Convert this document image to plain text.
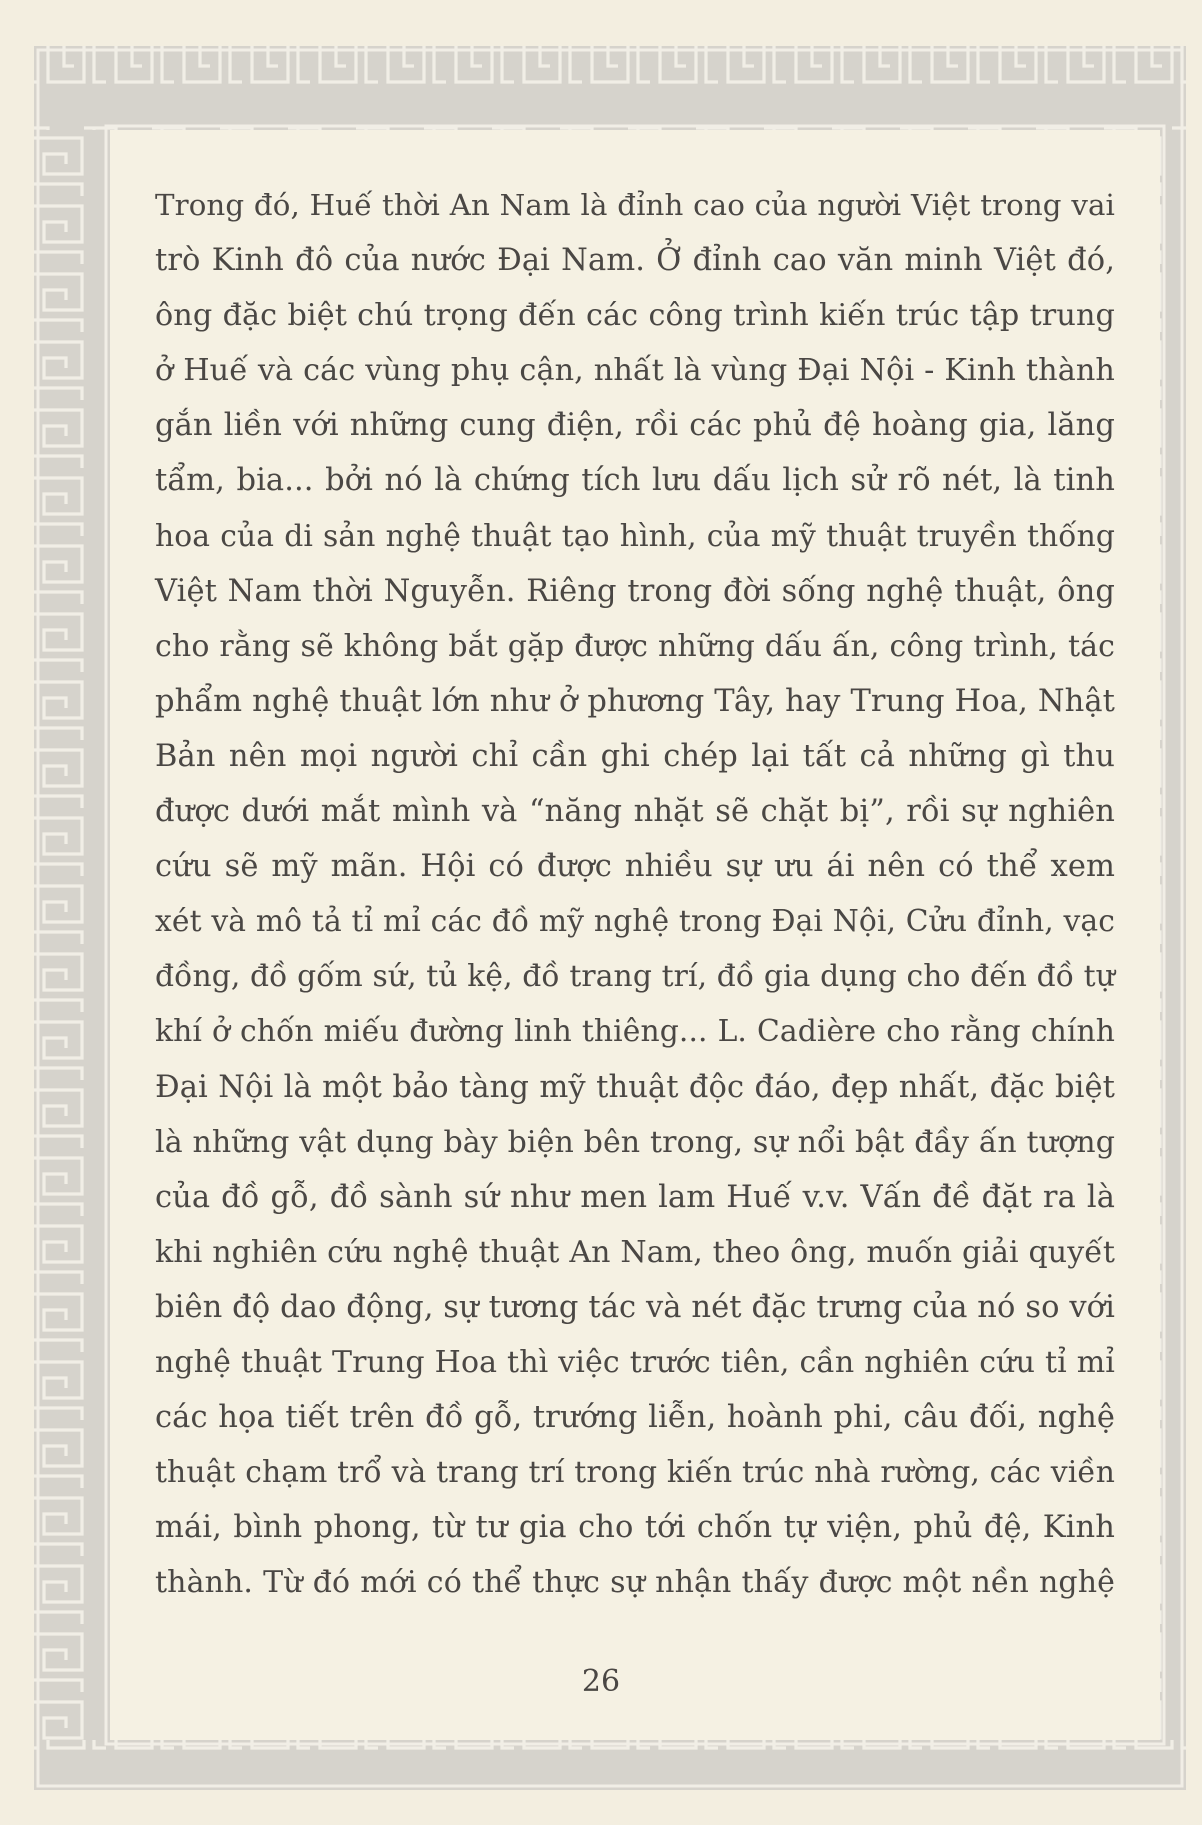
Trong đó, Huế thời An Nam là đỉnh cao của người Việt trong vai
trò Kinh đô của nước Đại Nam. Ở đỉnh cao văn minh Việt đó,
ông đặc biệt chú trọng đến các công trình kiến trúc tập trung
ở Huế và các vùng phụ cận, nhất là vùng Đại Nội - Kinh thành
gắn liền với những cung điện, rồi các phủ đệ hoàng gia, lăng
tẩm, bia... bởi nó là chứng tích lưu dấu lịch sử rõ nét, là tinh
hoa của di sản nghệ thuật tạo hình, của mỹ thuật truyền thống
Việt Nam thời Nguyễn. Riêng trong đời sống nghệ thuật, ông
cho rằng sẽ không bắt gặp được những dấu ấn, công trình, tác
phẩm nghệ thuật lớn như ở phương Tây, hay Trung Hoa, Nhật
Bản nên mọi người chỉ cần ghi chép lại tất cả những gì thu
được dưới mắt mình và “năng nhặt sẽ chặt bị”, rồi sự nghiên
cứu sẽ mỹ mãn. Hội có được nhiều sự ưu ái nên có thể xem
xét và mô tả tỉ mỉ các đồ mỹ nghệ trong Đại Nội, Cửu đỉnh, vạc
đồng, đồ gốm sứ, tủ kệ, đồ trang trí, đồ gia dụng cho đến đồ tự
khí ở chốn miếu đường linh thiêng... L. Cadière cho rằng chính
Đại Nội là một bảo tàng mỹ thuật độc đáo, đẹp nhất, đặc biệt
là những vật dụng bày biện bên trong, sự nổi bật đầy ấn tượng
của đồ gỗ, đồ sành sứ như men lam Huế v.v. Vấn đề đặt ra là
khi nghiên cứu nghệ thuật An Nam, theo ông, muốn giải quyết
biên độ dao động, sự tương tác và nét đặc trưng của nó so với
nghệ thuật Trung Hoa thì việc trước tiên, cần nghiên cứu tỉ mỉ
các họa tiết trên đồ gỗ, trướng liễn, hoành phi, câu đối, nghệ
thuật chạm trổ và trang trí trong kiến trúc nhà rường, các viền
mái, bình phong, từ tư gia cho tới chốn tự viện, phủ đệ, Kinh
thành. Từ đó mới có thể thực sự nhận thấy được một nền nghệ
26
